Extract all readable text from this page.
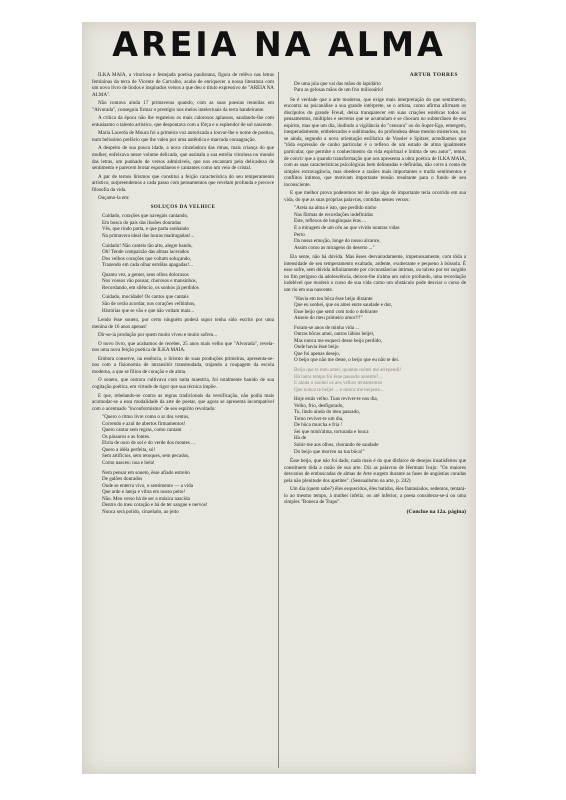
AREIA NA ALMA

ILKA MAIA, a vitoriosa e festejada poetisa paulistana, figura de relêvo nas letras femininas da terra de Vicente de Carvalho, acaba de enriquecer a nossa literatura com um novo livro de lindos e inspirados versos a que deu o título expressivo de "AREIA NA ALMA".

Não contava ainda 17 primaveras quando, com as suas poesias reunidas em "Alvorada", conseguiu firmar o prestígio nos meios intelectuais da terra bandeirante.

A crítica da época não lhe regateiou os mais calorosos aplausos, saudando-lhe com entusiasmo o talento artístico, que despontava com a fôrça e o esplendor de sol nascente.

Maria Lacerda de Moura foi a primeira voz autorizada a louvar-lhe o nome de poetisa, num belíssimo prefácio que lhe valeu por uma autêntica e marcada consagração.

A despeito de sua pouca idade, a nova cinzeladora das rimas, mais criança do que mulher, enfeixava nesse volume delicado, que assinala a sua estréia vitoriosa no mundo das letras, um punhado de versos admiráveis, que nos encantam pela delicadeza de sentimento e parecem brotar espontâneos e cantantes como um veio de cristal.

A par de ternos lirismos que constitui a feição característica do seu temperamento artístico, surpreendemos a cada passo com pensamentos que revelam profunda e precoce filosofia da vida.

Ouçamo-la em:

SOLUÇOS DA VELHICE
Cuidado, corações que navegais cantando,
Em busca do país das ilusões douradas
Vês, que rindo parta, e que parta sonhando
Na primavera ideal das louras madrugadas!...
Cuidado! Não canteis tão alto, alegre bando,
Oh! Tende compaixão das almas lacerados
Dos velhos corações que voltam soluçando,
Trazendo em cada olhar estrêlas apagadas!...
Quanto vez, a gemer, seus olhos dolorosos
Nos vossos vão pousar, chorosos e mansinhos,
Recordando, em silêncio, os sonhos já perdidos
Cuidado, mocidade! Os cantos que cantais
São de cerão acordar, nos corações velhinhos,
Histórias que se vão e que não voltam mais...

Lendo êsse soneto, por certo ninguém poderá supor tenha sido escrito por uma menina de 16 anos apenas!

Dir-se-ia produção por quem muito viveu e muito sofreu...

O novo livro, que acabamos de receber, 25 anos mais velho que "Alvorada", revela-nos uma nova feição poética de ILKA MAIA.

Embora conserve, na essência, o lirismo de suas produções primeiras, apresenta-se-nos com a fisionomia de intransitór transmudada, trajando a roupagem da escola moderna, a que se filiou de coração e de alma.

O soneto, que outrora cultivava com tanta maestria, foi totalmente banido de sua cogitação poética, em virtude de rigor que sua técnica impõe.

E que, rebelando-se contra as regras tradicionais da versificação, não podia mais acomodar-se a essa modalidade da arte de poetar, que agora se apresenta incompatível com o acentuado "inconformismo" de seu espírito revoltado:

"Quero o ritmo livre como o ar dos ventos,
Correndo e azul de abertos firmamentos!
Quero cantar sem regras, como cantam
Os pássaros e as fontes.
Ébria de ouro de sol e do verde dos montes ...
Quero a idéia perfeita, só!
Sem artifícios, sem retoques, sem pecados,
Como nasceu: nua e bela!
Nem pensar em soneto, êsse afiado estreito
De galões dourados
Onde se enterra vivo, o sentimento — a vida
Que arde e lateja e vibra em nosso peito!
Não. Meu verso há de ser a música nascida
Dentro do meu coração e há de ter sangue e nervos!
Nunca será polido, cinzelado, ao jeito
ARTUR TORRES
De uma jóia que vai das mãos do lapidário
Para as gelosas mãos de um frio milionário!

Se é verdade que a arte moderna, que exige mais interpretação do que sentimento, encontra na psicanálise a sua grande intérprete, se o artista, como afirma afirmam os discípulos do grande Freud, deixa transparecer em suas criações estéticas todos os pensamentos, múltiplos e secretos que se acumulam e se chocam no subterrâneo de seu espírito, mas que um dia, iludindo a vigilância do "censura" ou do Super-Ego, emergem, inesperadamente, embelezados e sublimados, do profundeza dêsse mesmo misterioso, no se ainda, segundo a nova orientação estilística de Vossler e Spitzer, acreditamos que "tôda expressão de cunho particular é o reflexo de um estado de alma igualmente particular, que permite o conhecimento da vida espiritual e íntima de seu autor", temos de convir que a quando transformação que nos apresenta a obra poética de ILKA MAIA, com as suas características psicológicas bem delineadas e definidas, não corre à conta de simples extravagância, mas obedece a razões mais importantes e tradiz sentimentos e conflitos íntimos, que motivam importante tensão resultante para o fundo de seu inconsciente.

E que melhor prova poderemos ter de que algo de importante teria ocorrido em sua vida, do que as suas próprias palavras, contidas nestes versos:

"Areia na alma é isto, que perdido ninho
Nas fôrmas de recordações indefinidas
Êste, reflexos de longínquas êras ...
É a miragem de um céu ao que vivido noutras vidas
Perto
Da nossa emoção, longe do nosso alcance,
Assim como as miragens do deserto ..."

Ela sente, não há dúvida. Mas êsses desvairadamente, impetuosamente, com tôda a intensidade de seu temperamento exaltado, ardente, exuberante e pequeno à bússola. É esse sofre, sem dúvida infinitamente por circunstâncias íntimas, ou talvez por ter surgido no fim perigoso da adolescência, deixou-lhe n'alma um sulco profundo, uma recordação indelével que moderá o curso de sua vida como um obstáculo pode desviar o curso de um rio em sua nascente.

"Havia em teu bôca êsse beijo distante
Que eu sonhei, que eu amei entre saudade e dor,
Esse beijo que senti com todo o delirante
Anseio do meu primeiro amor!!!"
Foram-se anos de minha vida ...
Outras bôcas amei, outros lábios beijei,
Mas nunca me esqueci desse beijo perdido,
Onde havia êsse beijo
Que foi apenas desejo,
O beijo que não me deste, o beijo que eu não te dei.
Beijo que te meu amei, quantas noites me arrependi!
Há tanto tempo foi êsse passado ausente?...
E ainda o sonhei os aos velhos tentamentos
Que nunca te beijei ... e nunca me beijaste...
Hoje estás velho. Tuas reviver-te nos dia,
Velho, frio, desfigurado,
Tu, lindo ainda do meu passado,
Tomo reviver-te um dia,
De bôca murcha e fria !
Sei que minh'alma, torturada e louca
Há de
Subir-me aos olhos, chorando de saudade
Do beijo que morreu na tua bôca!"

Êsse beijo, que não foi dado, nada mais é do que disfarce de desejos insatisfeitos que constituem tôda a razão de sua arte. Diz as palavras de Hermani Ivaju: "Os maiores desvarios de emboscadas de almas de Arte surgem durante as fases de angústias curadas pela não plenitude dos apetites". (Sensualismo na arte, p. 242)

Um dia (quem sabe?) êles esquecidos, êles batidos, êles fantasiados, sedentos, tentará-lo ao mesmo tempo, à mulher infeliz, ou até inferior, a poeta considerar-se-á ou uma simples "Boneca de Trapo".

(Conclue na 12a. página)
